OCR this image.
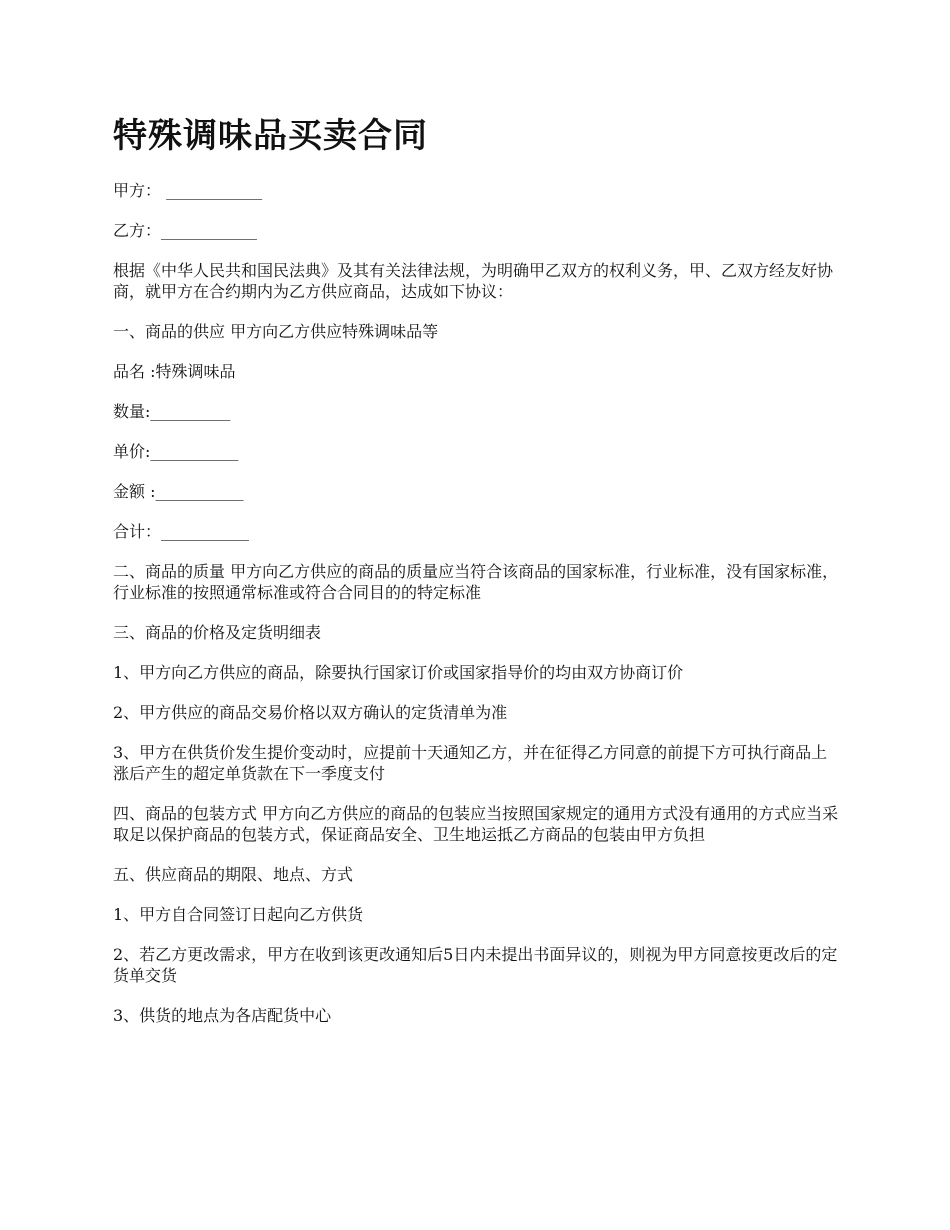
特殊调味品买卖合同

甲方： ____________

乙方：____________

根据《中华人民共和国民法典》及其有关法律法规，为明确甲乙双方的权利义务，甲、乙双方经友好协商，就甲方在合约期内为乙方供应商品，达成如下协议：

一、商品的供应 甲方向乙方供应特殊调味品等

品名 :特殊调味品

数量:__________

单价:___________

金额 :___________

合计：___________

二、商品的质量 甲方向乙方供应的商品的质量应当符合该商品的国家标准，行业标准，没有国家标准，行业标准的按照通常标准或符合合同目的的特定标准

三、商品的价格及定货明细表

1、甲方向乙方供应的商品，除要执行国家订价或国家指导价的均由双方协商订价

2、甲方供应的商品交易价格以双方确认的定货清单为准

3、甲方在供货价发生提价变动时，应提前十天通知乙方，并在征得乙方同意的前提下方可执行商品上涨后产生的超定单货款在下一季度支付

四、商品的包装方式 甲方向乙方供应的商品的包装应当按照国家规定的通用方式没有通用的方式应当采取足以保护商品的包装方式，保证商品安全、卫生地运抵乙方商品的包装由甲方负担

五、供应商品的期限、地点、方式

1、甲方自合同签订日起向乙方供货

2、若乙方更改需求，甲方在收到该更改通知后5日内未提出书面异议的，则视为甲方同意按更改后的定货单交货

3、供货的地点为各店配货中心
